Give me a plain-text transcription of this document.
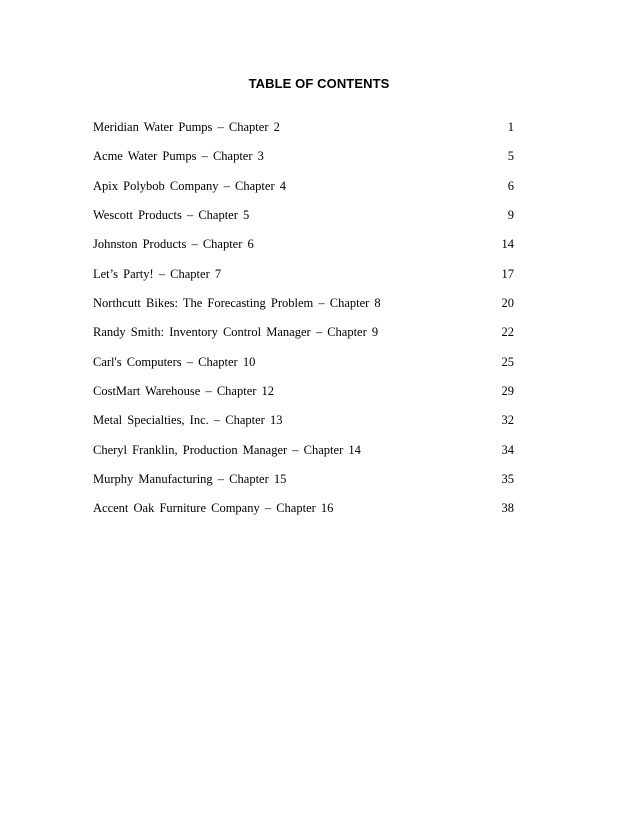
TABLE OF CONTENTS
Meridian Water Pumps – Chapter 2	1
Acme Water Pumps – Chapter 3	5
Apix Polybob Company – Chapter 4	6
Wescott Products – Chapter 5	9
Johnston Products – Chapter 6	14
Let’s Party! – Chapter 7	17
Northcutt Bikes: The Forecasting Problem – Chapter 8	20
Randy Smith: Inventory Control Manager – Chapter 9	22
Carl's Computers – Chapter 10	25
CostMart Warehouse – Chapter 12	29
Metal Specialties, Inc. – Chapter 13	32
Cheryl Franklin, Production Manager – Chapter 14	34
Murphy Manufacturing – Chapter 15	35
Accent Oak Furniture Company – Chapter 16	38
